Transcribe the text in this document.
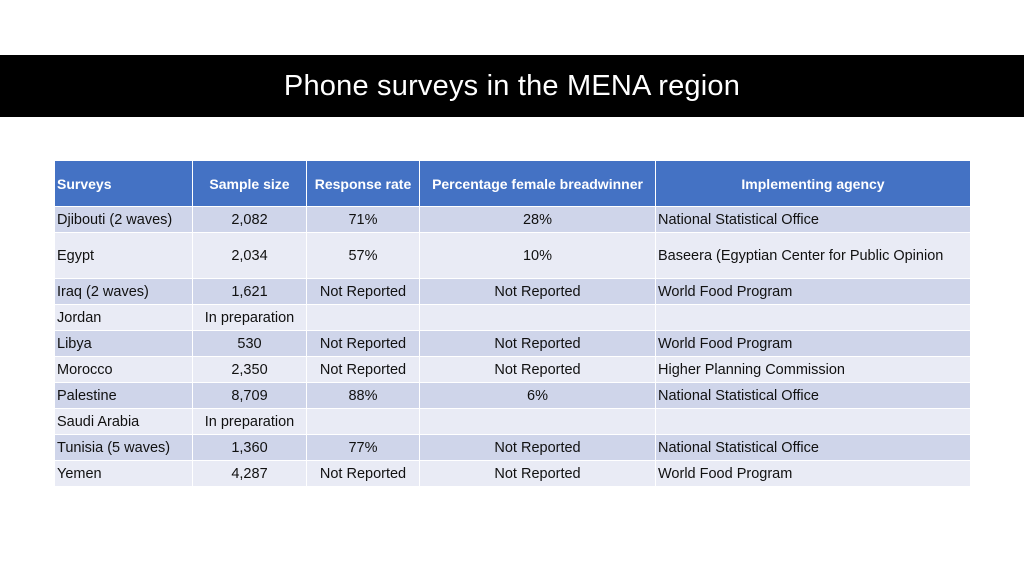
Phone surveys in the MENA region
Surveys	Sample size	Response rate	Percentage female breadwinner	Implementing agency
Djibouti (2 waves)	2,082	71%	28%	National Statistical Office
Egypt	2,034	57%	10%	Baseera (Egyptian Center for Public Opinion
Iraq (2 waves)	1,621	Not Reported	Not Reported	World Food Program
Jordan	In preparation			
Libya	530	Not Reported	Not Reported	World Food Program
Morocco	2,350	Not Reported	Not Reported	Higher Planning Commission
Palestine	8,709	88%	6%	National Statistical Office
Saudi Arabia	In preparation			
Tunisia (5 waves)	1,360	77%	Not Reported	National Statistical Office
Yemen	4,287	Not Reported	Not Reported	World Food Program
